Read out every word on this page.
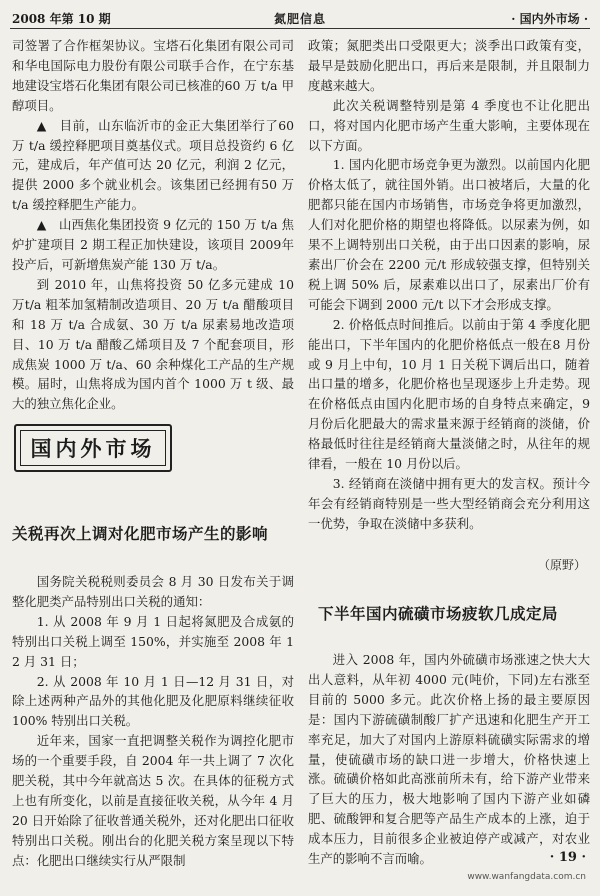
2008 年第 10 期	氮肥信息	· 国内外市场 ·

司签署了合作框架协议。宝塔石化集团有限公司司和华电国际电力股份有限公司联手合作，在宁东基地建设宝塔石化集团有限公司已核准的60 万 t/a 甲醇项目。

▲　目前，山东临沂市的金正大集团举行了60 万 t/a 缓控释肥项目奠基仪式。项目总投资约 6 亿元，建成后，年产值可达 20 亿元，利润 2 亿元，提供 2000 多个就业机会。该集团已经拥有50 万 t/a 缓控释肥生产能力。

▲　山西焦化集团投资 9 亿元的 150 万 t/a 焦炉扩建项目 2 期工程正加快建设，该项目 2009年投产后，可新增焦炭产能 130 万 t/a。

到 2010 年，山焦将投资 50 亿多元建成 10 万t/a 粗苯加氢精制改造项目、20 万 t/a 醋酸项目和 18 万 t/a 合成氨、30 万 t/a 尿素易地改造项目、10 万 t/a 醋酸乙烯项目及 7 个配套项目，形成焦炭 1000 万 t/a、60 余种煤化工产品的生产规模。届时，山焦将成为国内首个 1000 万 t 级、最大的独立焦化企业。

国内外市场
关税再次上调对化肥市场产生的影响

国务院关税税则委员会 8 月 30 日发布关于调整化肥类产品特别出口关税的通知：

1. 从 2008 年 9 月 1 日起将氮肥及合成氨的特别出口关税上调至 150%，并实施至 2008 年 12 月 31 日；

2. 从 2008 年 10 月 1 日—12 月 31 日，对除上述两种产品外的其他化肥及化肥原料继续征收 100% 特别出口关税。

近年来，国家一直把调整关税作为调控化肥市场的一个重要手段，自 2004 年一共上调了 7 次化肥关税，其中今年就高达 5 次。在具体的征税方式上也有所变化，以前是直接征收关税，从今年 4 月 20 日开始除了征收普通关税外，还对化肥出口征收特别出口关税。刚出台的化肥关税方案呈现以下特点：化肥出口继续实行从严限制

政策；氮肥类出口受限更大；淡季出口政策有变，最早是鼓励化肥出口，再后来是限制，并且限制力度越来越大。

此次关税调整特别是第 4 季度也不让化肥出口，将对国内化肥市场产生重大影响，主要体现在以下方面。

1. 国内化肥市场竞争更为激烈。以前国内化肥价格太低了，就往国外销。出口被堵后，大量的化肥都只能在国内市场销售，市场竞争将更加激烈，人们对化肥价格的期望也将降低。以尿素为例，如果不上调特别出口关税，由于出口因素的影响，尿素出厂价会在 2200 元/t 形成较强支撑，但特别关税上调 50% 后，尿素难以出口了，尿素出厂价有可能会下调到 2000 元/t 以下才会形成支撑。

2. 价格低点时间推后。以前由于第 4 季度化肥能出口，下半年国内的化肥价格低点一般在8 月份或 9 月上中旬，10 月 1 日关税下调后出口，随着出口量的增多，化肥价格也呈现逐步上升走势。现在价格低点由国内化肥市场的自身特点来确定，9 月份后化肥最大的需求量来源于经销商的淡储，价格最低时往往是经销商大量淡储之时，从往年的规律看，一般在 10 月份以后。

3. 经销商在淡储中拥有更大的发言权。预计今年会有经销商特别是一些大型经销商会充分利用这一优势，争取在淡储中多获利。

（原野）
下半年国内硫磺市场疲软几成定局

进入 2008 年，国内外硫磺市场涨速之快大大出人意料，从年初 4000 元(吨价，下同)左右涨至目前的 5000 多元。此次价格上扬的最主要原因是：国内下游硫磺制酸厂扩产迅速和化肥生产开工率充足，加大了对国内上游原料硫磺实际需求的增量，使硫磺市场的缺口进一步增大，价格快速上涨。硫磺价格如此高涨前所未有，给下游产业带来了巨大的压力，极大地影响了国内下游产业如磷肥、硫酸钾和复合肥等产品生产成本的上涨，迫于成本压力，目前很多企业被迫停产或减产，对农业生产的影响不言而喻。	· 19 ·
www.wanfangdata.com.cn
